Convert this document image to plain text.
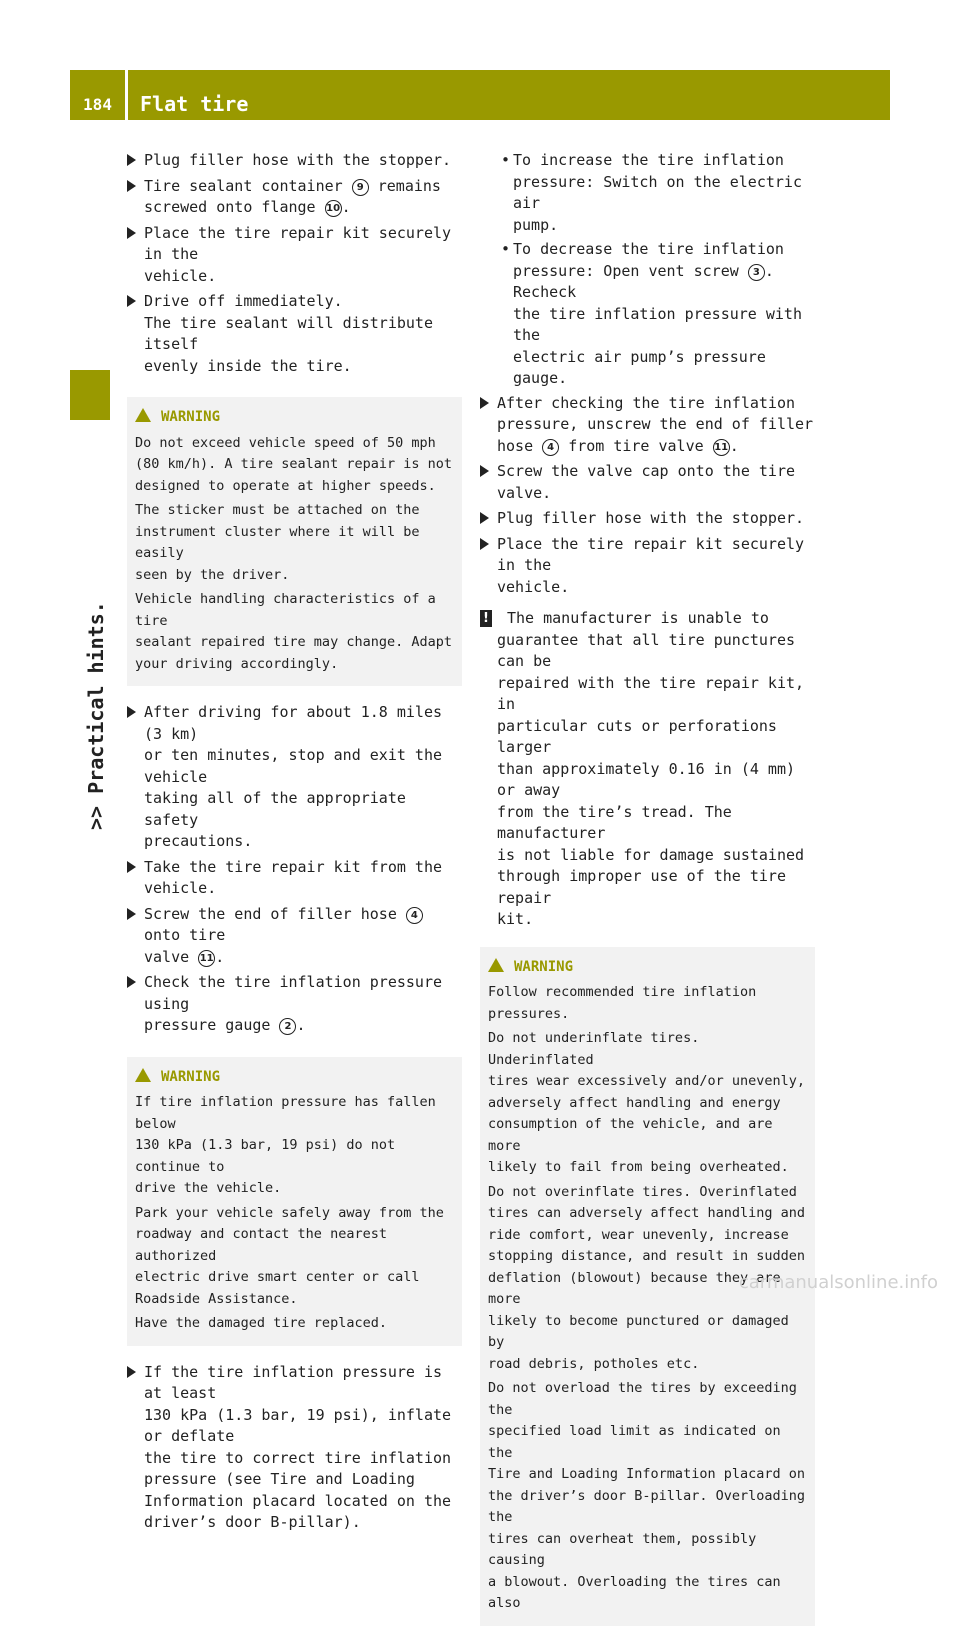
184	Flat tire
>> Practical hints.
Plug filler hose with the stopper.
Tire sealant container 9 remains
screwed onto flange 10 .
Place the tire repair kit securely in the
vehicle.
Drive off immediately.
The tire sealant will distribute itself
evenly inside the tire.
WARNING
Do not exceed vehicle speed of 50 mph
(80 km/h). A tire sealant repair is not
designed to operate at higher speeds.
The sticker must be attached on the
instrument cluster where it will be easily
seen by the driver.
Vehicle handling characteristics of a tire
sealant repaired tire may change. Adapt
your driving accordingly.
After driving for about 1.8 miles (3 km)
or ten minutes, stop and exit the vehicle
taking all of the appropriate safety
precautions.
Take the tire repair kit from the vehicle.
Screw the end of filler hose 4 onto tire
valve 11 .
Check the tire inflation pressure using
pressure gauge 2 .
WARNING
If tire inflation pressure has fallen below
130 kPa (1.3 bar, 19 psi) do not continue to
drive the vehicle.
Park your vehicle safely away from the
roadway and contact the nearest authorized
electric drive smart center or call
Roadside Assistance.
Have the damaged tire replaced.
If the tire inflation pressure is at least
130 kPa (1.3 bar, 19 psi), inflate or deflate
the tire to correct tire inflation
pressure (see Tire and Loading
Information placard located on the
driver’s door B-pillar).
• To increase the tire inflation
pressure: Switch on the electric air
pump.
• To decrease the tire inflation
pressure: Open vent screw 3 . Recheck
the tire inflation pressure with the
electric air pump’s pressure gauge.
After checking the tire inflation
pressure, unscrew the end of filler
hose 4 from tire valve 11 .
Screw the valve cap onto the tire valve.
Plug filler hose with the stopper.
Place the tire repair kit securely in the
vehicle.
!	The manufacturer is unable to
guarantee that all tire punctures can be
repaired with the tire repair kit, in
particular cuts or perforations larger
than approximately 0.16 in (4 mm) or away
from the tire’s tread. The manufacturer
is not liable for damage sustained
through improper use of the tire repair
kit.
WARNING
Follow recommended tire inflation
pressures.
Do not underinflate tires. Underinflated
tires wear excessively and/or unevenly,
adversely affect handling and energy
consumption of the vehicle, and are more
likely to fail from being overheated.
Do not overinflate tires. Overinflated
tires can adversely affect handling and
ride comfort, wear unevenly, increase
stopping distance, and result in sudden
deflation (blowout) because they are more
likely to become punctured or damaged by
road debris, potholes etc.
Do not overload the tires by exceeding the
specified load limit as indicated on the
Tire and Loading Information placard on
the driver’s door B-pillar. Overloading the
tires can overheat them, possibly causing
a blowout. Overloading the tires can also
carmanualsonline.info
